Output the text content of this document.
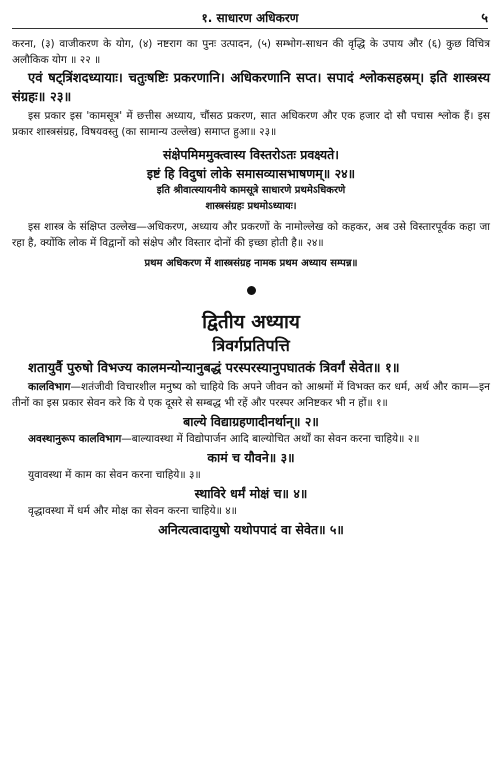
१. साधारण अधिकरण	५

करना, (३) वाजीकरण के योग, (४) नष्टराग का पुनः उत्पादन, (५) सम्भोग-साधन की वृद्धि के उपाय और (६) कुछ विचित्र अलौकिक योग ॥ २२ ॥

एवं षट्त्रिंशदध्यायाः। चतुःषष्टिः प्रकरणानि। अधिकरणानि सप्त। सपादं श्लोकसहस्रम्। इति शास्त्रस्य संग्रहः॥ २३॥

इस प्रकार इस 'कामसूत्र' में छत्तीस अध्याय, चौंसठ प्रकरण, सात अधिकरण और एक हजार दो सौ पचास श्लोक हैं। इस प्रकार शास्त्रसंग्रह, विषयवस्तु (का सामान्य उल्लेख) समाप्त हुआ॥ २३॥

संक्षेपमिममुक्त्वास्य विस्तरोऽतः प्रवक्ष्यते।

इष्टं हि विदुषां लोके समासव्यासभाषणम्॥ २४॥

इति श्रीवात्स्यायनीये कामसूत्रे साधारणे प्रथमेऽधिकरणे

शास्त्रसंग्रहः प्रथमोऽध्यायः।

इस शास्त्र के संक्षिप्त उल्लेख—अधिकरण, अध्याय और प्रकरणों के नामोल्लेख को कहकर, अब उसे विस्तारपूर्वक कहा जा रहा है, क्योंकि लोक में विद्वानों को संक्षेप और विस्तार दोनों की इच्छा होती है॥ २४॥

प्रथम अधिकरण में शास्त्रसंग्रह नामक प्रथम अध्याय सम्पन्न॥

द्वितीय अध्याय

त्रिवर्गप्रतिपत्ति

शतायुर्वै पुरुषो विभज्य कालमन्योन्यानुबद्धं परस्परस्यानुपघातकं त्रिवर्गं सेवेत॥ १॥

कालविभाग—शतंजीवी विचारशील मनुष्य को चाहिये कि अपने जीवन को आश्रमों में विभक्त कर धर्म, अर्थ और काम—इन तीनों का इस प्रकार सेवन करे कि ये एक दूसरे से सम्बद्ध भी रहें और परस्पर अनिष्टकर भी न हों॥ १॥

बाल्ये विद्याग्रहणादीनर्थान्॥ २॥

अवस्थानुरूप कालविभाग—बाल्यावस्था में विद्योपार्जन आदि बाल्योचित अर्थों का सेवन करना चाहिये॥ २॥

कामं च यौवने॥ ३॥

युवावस्था में काम का सेवन करना चाहिये॥ ३॥

स्थाविरे धर्मं मोक्षं च॥ ४॥

वृद्धावस्था में धर्म और मोक्ष का सेवन करना चाहिये॥ ४॥

अनित्यत्वादायुषो यथोपपादं वा सेवेत॥ ५॥
